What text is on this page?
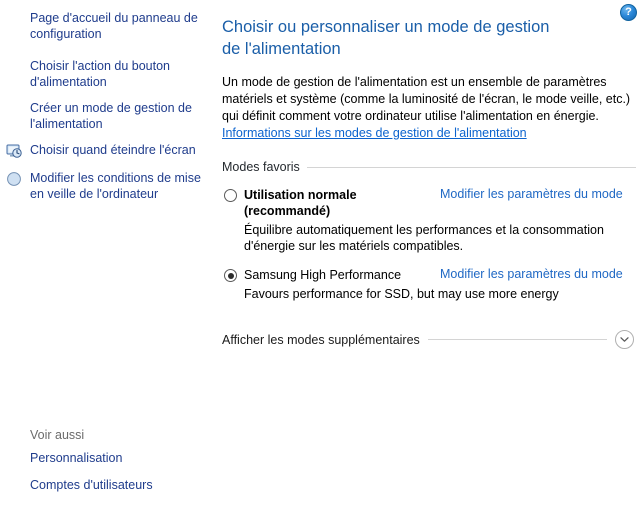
?
Page d'accueil du panneau de configuration
Choisir l'action du bouton d'alimentation
Créer un mode de gestion de l'alimentation
Choisir quand éteindre l'écran
Modifier les conditions de mise en veille de l'ordinateur
Voir aussi
Personnalisation
Comptes d'utilisateurs
Choisir ou personnaliser un mode de gestion de l'alimentation
Un mode de gestion de l'alimentation est un ensemble de paramètres matériels et système (comme la luminosité de l'écran, le mode veille, etc.) qui définit comment votre ordinateur utilise l'alimentation en énergie.
Informations sur les modes de gestion de l'alimentation
Modes favoris
Utilisation normale (recommandé)
Modifier les paramètres du mode
Équilibre automatiquement les performances et la consommation d'énergie sur les matériels compatibles.
Samsung High Performance	Modifier les paramètres du mode
Favours performance for SSD, but may use more energy
Afficher les modes supplémentaires
